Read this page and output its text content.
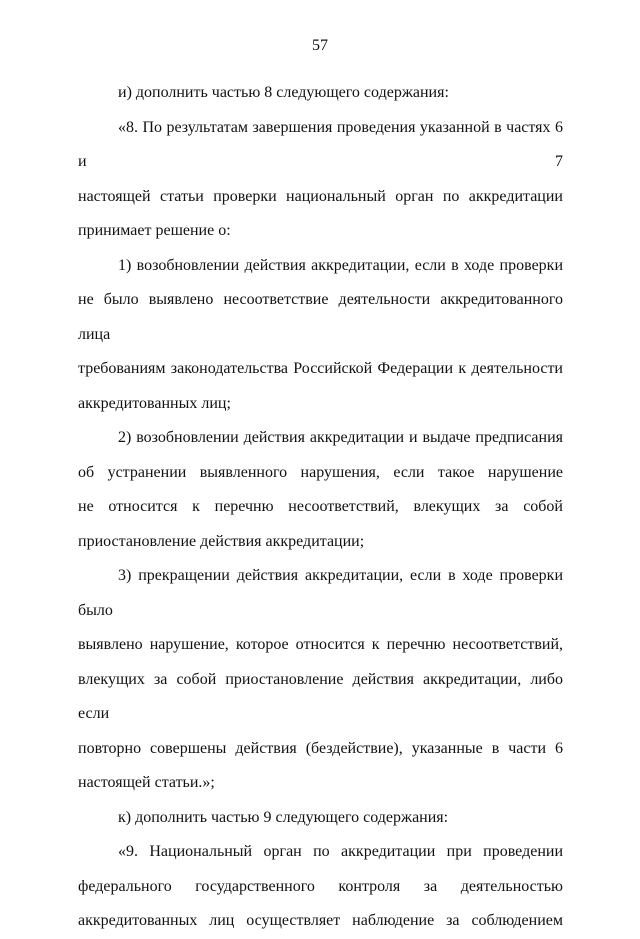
57
и) дополнить частью 8 следующего содержания:
«8. По результатам завершения проведения указанной в частях 6 и 7
настоящей статьи проверки национальный орган по аккредитации
принимает решение о:
1) возобновлении действия аккредитации, если в ходе проверки
не было выявлено несоответствие деятельности аккредитованного лица
требованиям законодательства Российской Федерации к деятельности
аккредитованных лиц;
2) возобновлении действия аккредитации и выдаче предписания
об устранении выявленного нарушения, если такое нарушение
не относится к перечню несоответствий, влекущих за собой
приостановление действия аккредитации;
3) прекращении действия аккредитации, если в ходе проверки было
выявлено нарушение, которое относится к перечню несоответствий,
влекущих за собой приостановление действия аккредитации, либо если
повторно совершены действия (бездействие), указанные в части 6
настоящей статьи.»;
к) дополнить частью 9 следующего содержания:
«9. Национальный орган по аккредитации при проведении
федерального государственного контроля за деятельностью
аккредитованных лиц осуществляет наблюдение за соблюдением
